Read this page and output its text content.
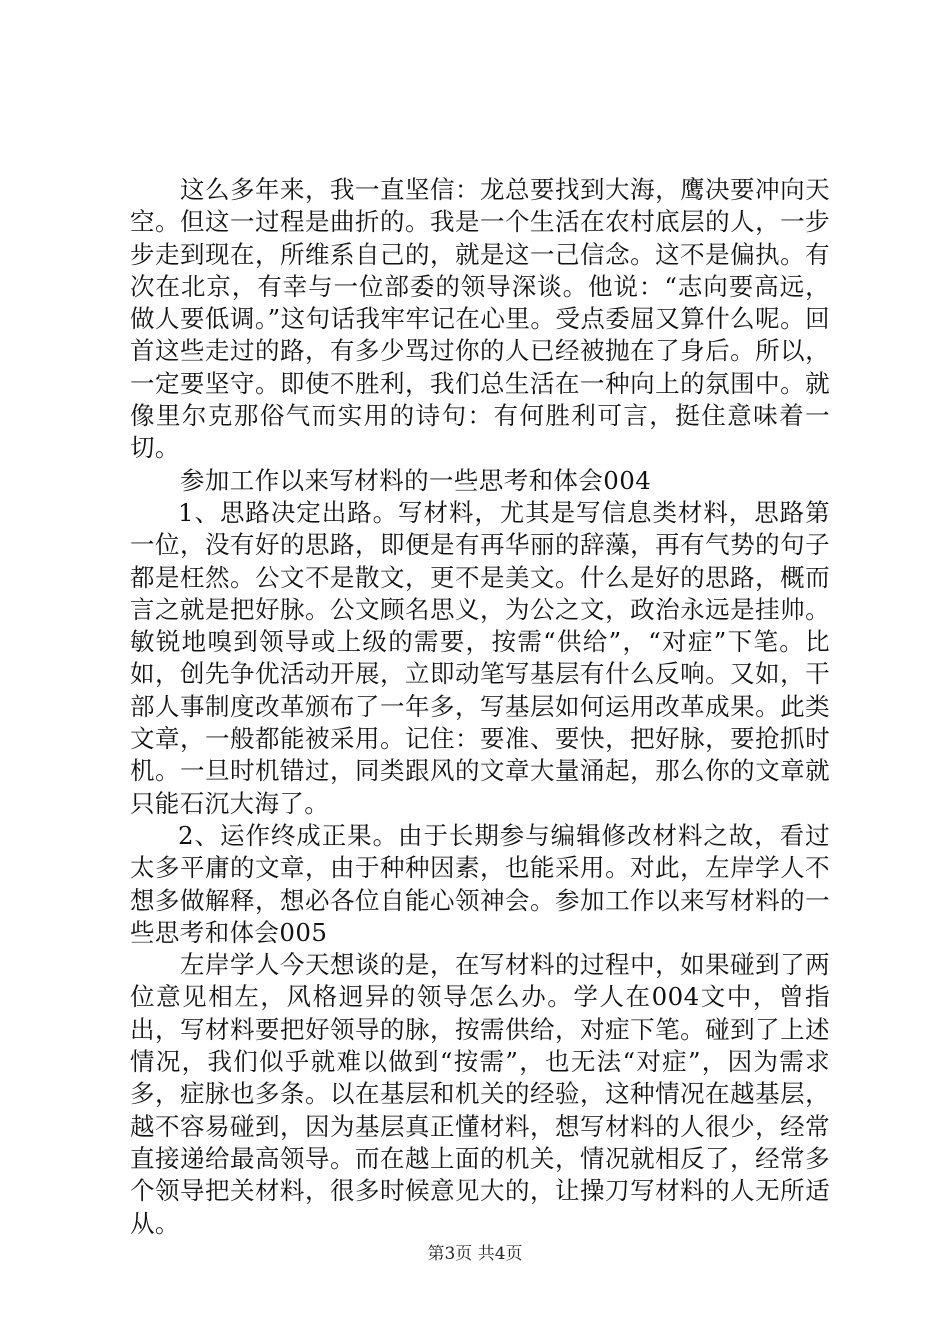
这么多年来，我一直坚信：龙总要找到大海，鹰决要冲向天空。但这一过程是曲折的。我是一个生活在农村底层的人，一步步走到现在，所维系自己的，就是这一己信念。这不是偏执。有次在北京，有幸与一位部委的领导深谈。他说：“志向要高远，做人要低调。”这句话我牢牢记在心里。受点委屈又算什么呢。回首这些走过的路，有多少骂过你的人已经被抛在了身后。所以，一定要坚守。即使不胜利，我们总生活在一种向上的氛围中。就像里尔克那俗气而实用的诗句：有何胜利可言，挺住意味着一切。

参加工作以来写材料的一些思考和体会004

1、思路决定出路。写材料，尤其是写信息类材料，思路第一位，没有好的思路，即便是有再华丽的辞藻，再有气势的句子都是枉然。公文不是散文，更不是美文。什么是好的思路，概而言之就是把好脉。公文顾名思义，为公之文，政治永远是挂帅。敏锐地嗅到领导或上级的需要，按需“供给”，“对症”下笔。比如，创先争优活动开展，立即动笔写基层有什么反响。又如，干部人事制度改革颁布了一年多，写基层如何运用改革成果。此类文章，一般都能被采用。记住：要准、要快，把好脉，要抢抓时机。一旦时机错过，同类跟风的文章大量涌起，那么你的文章就只能石沉大海了。

2、运作终成正果。由于长期参与编辑修改材料之故，看过太多平庸的文章，由于种种因素，也能采用。对此，左岸学人不想多做解释，想必各位自能心领神会。参加工作以来写材料的一些思考和体会005

左岸学人今天想谈的是，在写材料的过程中，如果碰到了两位意见相左，风格迥异的领导怎么办。学人在004文中，曾指出，写材料要把好领导的脉，按需供给，对症下笔。碰到了上述情况，我们似乎就难以做到“按需”，也无法“对症”，因为需求多，症脉也多条。以在基层和机关的经验，这种情况在越基层，越不容易碰到，因为基层真正懂材料，想写材料的人很少，经常直接递给最高领导。而在越上面的机关，情况就相反了，经常多个领导把关材料，很多时候意见大的，让操刀写材料的人无所适从。

第3页 共4页
